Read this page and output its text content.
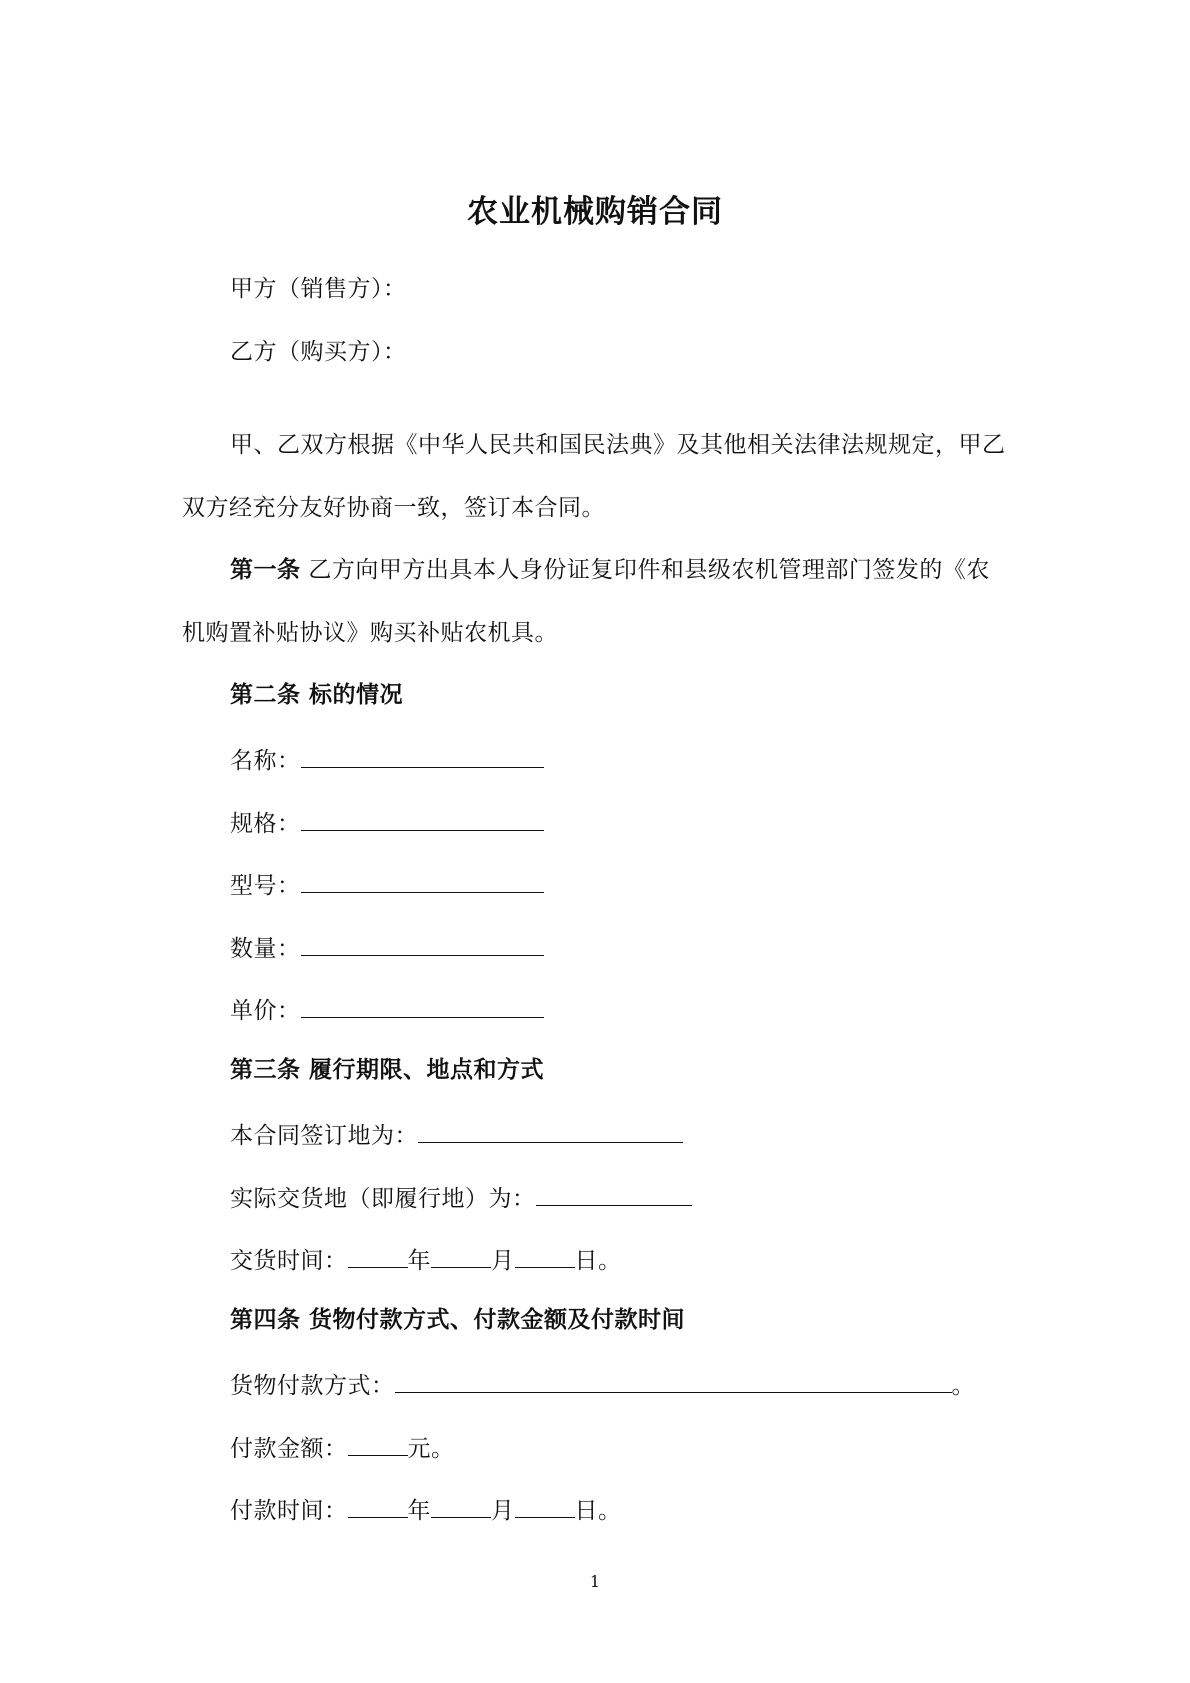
农业机械购销合同
甲方（销售方）：
乙方（购买方）：
甲、乙双方根据《中华人民共和国民法典》及其他相关法律法规规定，甲乙
双方经充分友好协商一致，签订本合同。
第一条 乙方向甲方出具本人身份证复印件和县级农机管理部门签发的《农
机购置补贴协议》购买补贴农机具。
第二条 标的情况
名称：
规格：
型号：
数量：
单价：
第三条 履行期限、地点和方式
本合同签订地为：
实际交货地（即履行地）为：
交货时间：	年	月	日。
第四条 货物付款方式、付款金额及付款时间
货物付款方式：	。
付款金额：	元。
付款时间：	年	月	日。
1
